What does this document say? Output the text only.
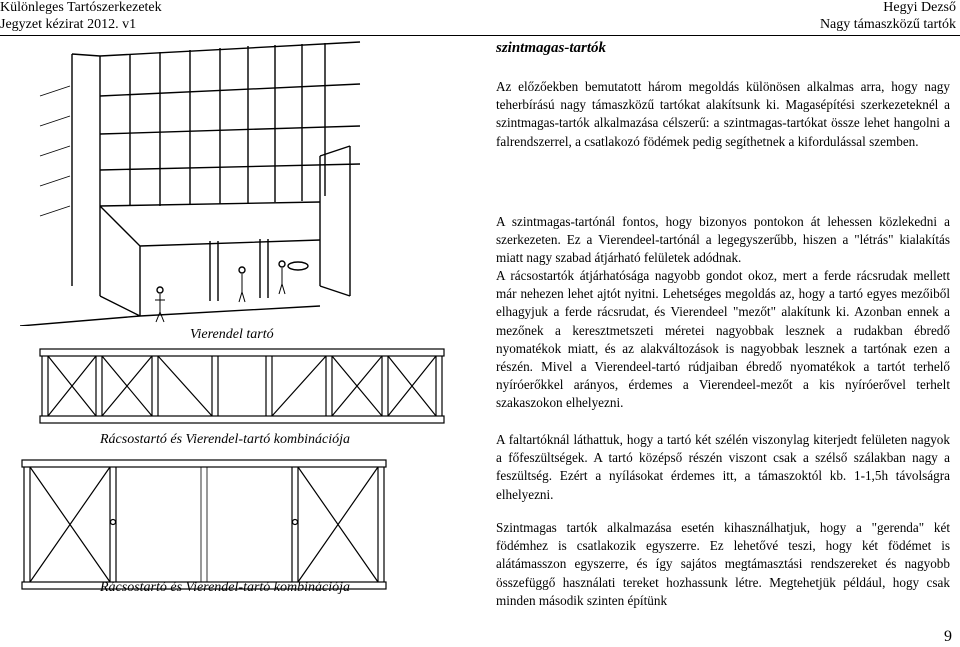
Különleges Tartószerkezetek
Jegyzet kézirat 2012. v1
Hegyi Dezső
Nagy támaszközű tartók
Vierendel tartó
Rácsostartó és Vierendel-tartó kombinációja
Rácsostartó és Vierendel-tartó kombinációja
szintmagas-tartók

Az előzőekben bemutatott három megoldás különösen alkalmas arra, hogy nagy teherbírású nagy támaszközű tartókat alakítsunk ki. Magasépítési szerkezeteknél a szintmagas-tartók alkalmazása célszerű: a szintmagas-tartókat össze lehet hangolni a falrendszerrel, a csatlakozó födémek pedig segíthetnek a kifordulással szemben.

A szintmagas-tartónál fontos, hogy bizonyos pontokon át lehessen közlekedni a szerkezeten. Ez a Vierendeel-tartónál a legegyszerűbb, hiszen a "létrás" kialakítás miatt nagy szabad átjárható felületek adódnak.

A rácsostartók átjárhatósága nagyobb gondot okoz, mert a ferde rácsrudak mellett már nehezen lehet ajtót nyitni. Lehetséges megoldás az, hogy a tartó egyes mezőiből elhagyjuk a ferde rácsrudat, és Vierendeel "mezőt" alakítunk ki. Azonban ennek a mezőnek a keresztmetszeti méretei nagyobbak lesznek a rudakban ébredő nyomatékok miatt, és az alakváltozások is nagyobbak lesznek a tartónak ezen a részén. Mivel a Vierendeel-tartó rúdjaiban ébredő nyomatékok a tartót terhelő nyíróerőkkel arányos, érdemes a Vierendeel-mezőt a kis nyíróerővel terhelt szakaszokon elhelyezni.

A faltartóknál láthattuk, hogy a tartó két szélén viszonylag kiterjedt felületen nagyok a főfeszültségek. A tartó középső részén viszont csak a szélső szálakban nagy a feszültség. Ezért a nyílásokat érdemes itt, a támaszoktól kb. 1-1,5h távolságra elhelyezni.

Szintmagas tartók alkalmazása esetén kihasználhatjuk, hogy a "gerenda" két födémhez is csatlakozik egyszerre. Ez lehetővé teszi, hogy két födémet is alátámasszon egyszerre, és így sajátos megtámasztási rendszereket és nagyobb összefüggő használati tereket hozhassunk létre. Megtehetjük például, hogy csak minden második szinten építünk

9
